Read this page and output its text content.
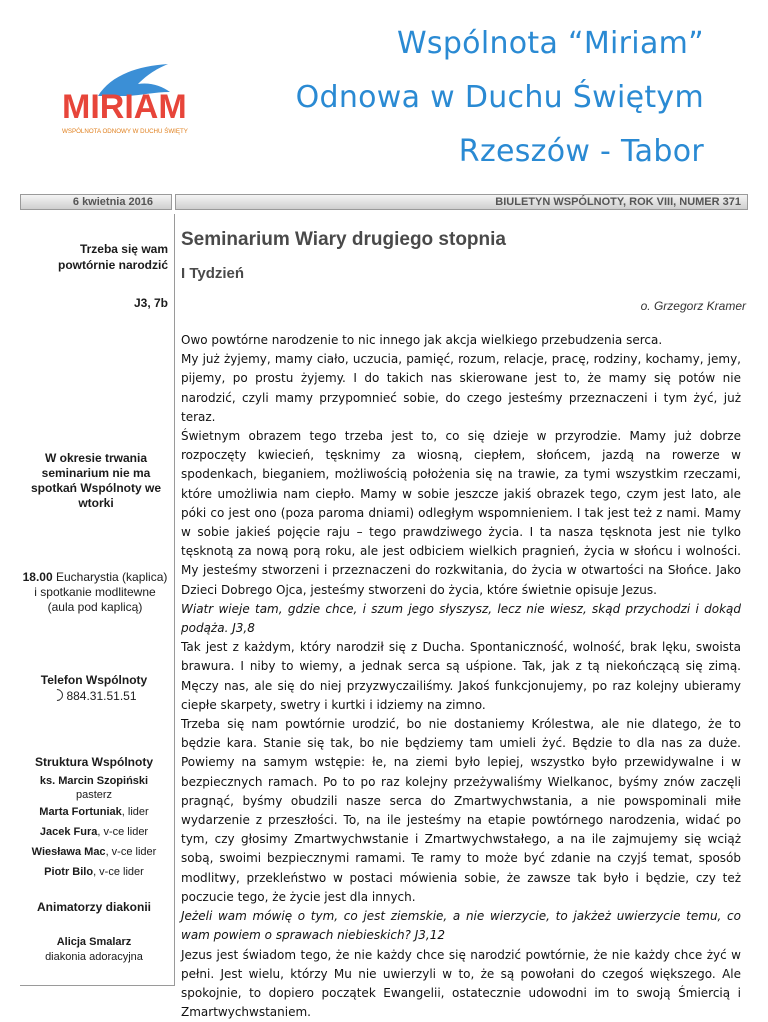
MIRIAM
WSPÓLNOTA ODNOWY W DUCHU ŚWIĘTYM
Wspólnota “Miriam”
Odnowa w Duchu Świętym
Rzeszów - Tabor
6 kwietnia 2016	BIULETYN WSPÓLNOTY, ROK VIII, NUMER 371
Trzeba się wam powtórnie narodzić
J3, 7b
W okresie trwania seminarium nie ma spotkań Wspólnoty we wtorki
18.00 Eucharystia (kaplica) i spotkanie modlitewne (aula pod kaplicą)
Telefon Wspólnoty
884.31.51.51
Struktura Wspólnoty
ks. Marcin Szopiński
pasterz
Marta Fortuniak, lider
Jacek Fura, v-ce lider
Wiesława Mac, v-ce lider
Piotr Bilo, v-ce lider
Animatorzy diakonii
Alicja Smalarz
diakonia adoracyjna
Seminarium Wiary drugiego stopnia
I Tydzień
o. Grzegorz Kramer

Owo powtórne narodzenie to nic innego jak akcja wielkiego przebudzenia serca.

My już żyjemy, mamy ciało, uczucia, pamięć, rozum, relacje, pracę, rodziny, kochamy, jemy, pijemy, po prostu żyjemy. I do takich nas skierowane jest to, że mamy się potów nie narodzić, czyli mamy przypomnieć sobie, do czego jesteśmy przeznaczeni i tym żyć, już teraz.

Świetnym obrazem tego trzeba jest to, co się dzieje w przyrodzie. Mamy już dobrze rozpoczęty kwiecień, tęsknimy za wiosną, ciepłem, słońcem, jazdą na rowerze w spodenkach, bieganiem, możliwością położenia się na trawie, za tymi wszystkim rzeczami, które umożliwia nam ciepło. Mamy w sobie jeszcze jakiś obrazek tego, czym jest lato, ale póki co jest ono (poza paroma dniami) odległym wspomnieniem. I tak jest też z nami. Mamy w sobie jakieś pojęcie raju – tego prawdziwego życia. I ta nasza tęsknota jest nie tylko tęsknotą za nową porą roku, ale jest odbiciem wielkich pragnień, życia w słońcu i wolności. My jesteśmy stworzeni i przeznaczeni do rozkwitania, do życia w otwartości na Słońce. Jako Dzieci Dobrego Ojca, jesteśmy stworzeni do życia, które świetnie opisuje Jezus.

Wiatr wieje tam, gdzie chce, i szum jego słyszysz, lecz nie wiesz, skąd przychodzi i dokąd podąża. J3,8

Tak jest z każdym, który narodził się z Ducha. Spontaniczność, wolność, brak lęku, swoista brawura. I niby to wiemy, a jednak serca są uśpione. Tak, jak z tą niekończącą się zimą. Męczy nas, ale się do niej przyzwyczailiśmy. Jakoś funkcjonujemy, po raz kolejny ubieramy ciepłe skarpety, swetry i kurtki i idziemy na zimno.

Trzeba się nam powtórnie urodzić, bo nie dostaniemy Królestwa, ale nie dlatego, że to będzie kara. Stanie się tak, bo nie będziemy tam umieli żyć. Będzie to dla nas za duże. Powiemy na samym wstępie: łe, na ziemi było lepiej, wszystko było przewidywalne i w bezpiecznych ramach. Po to po raz kolejny przeżywaliśmy Wielkanoc, byśmy znów zaczęli pragnąć, byśmy obudzili nasze serca do Zmartwychwstania, a nie powspominali miłe wydarzenie z przeszłości. To, na ile jesteśmy na etapie powtórnego narodzenia, widać po tym, czy głosimy Zmartwychwstanie i Zmartwychwstałego, a na ile zajmujemy się wciąż sobą, swoimi bezpiecznymi ramami. Te ramy to może być zdanie na czyjś temat, sposób modlitwy, przekleństwo w postaci mówienia sobie, że zawsze tak było i będzie, czy też poczucie tego, że życie jest dla innych.

Jeżeli wam mówię o tym, co jest ziemskie, a nie wierzycie, to jakżeż uwierzycie temu, co wam powiem o sprawach niebieskich? J3,12

Jezus jest świadom tego, że nie każdy chce się narodzić powtórnie, że nie każdy chce żyć w pełni. Jest wielu, którzy Mu nie uwierzyli w to, że są powołani do czegoś większego. Ale spokojnie, to dopiero początek Ewangelii, ostatecznie udowodni im to swoją Śmiercią i Zmartwychwstaniem.
